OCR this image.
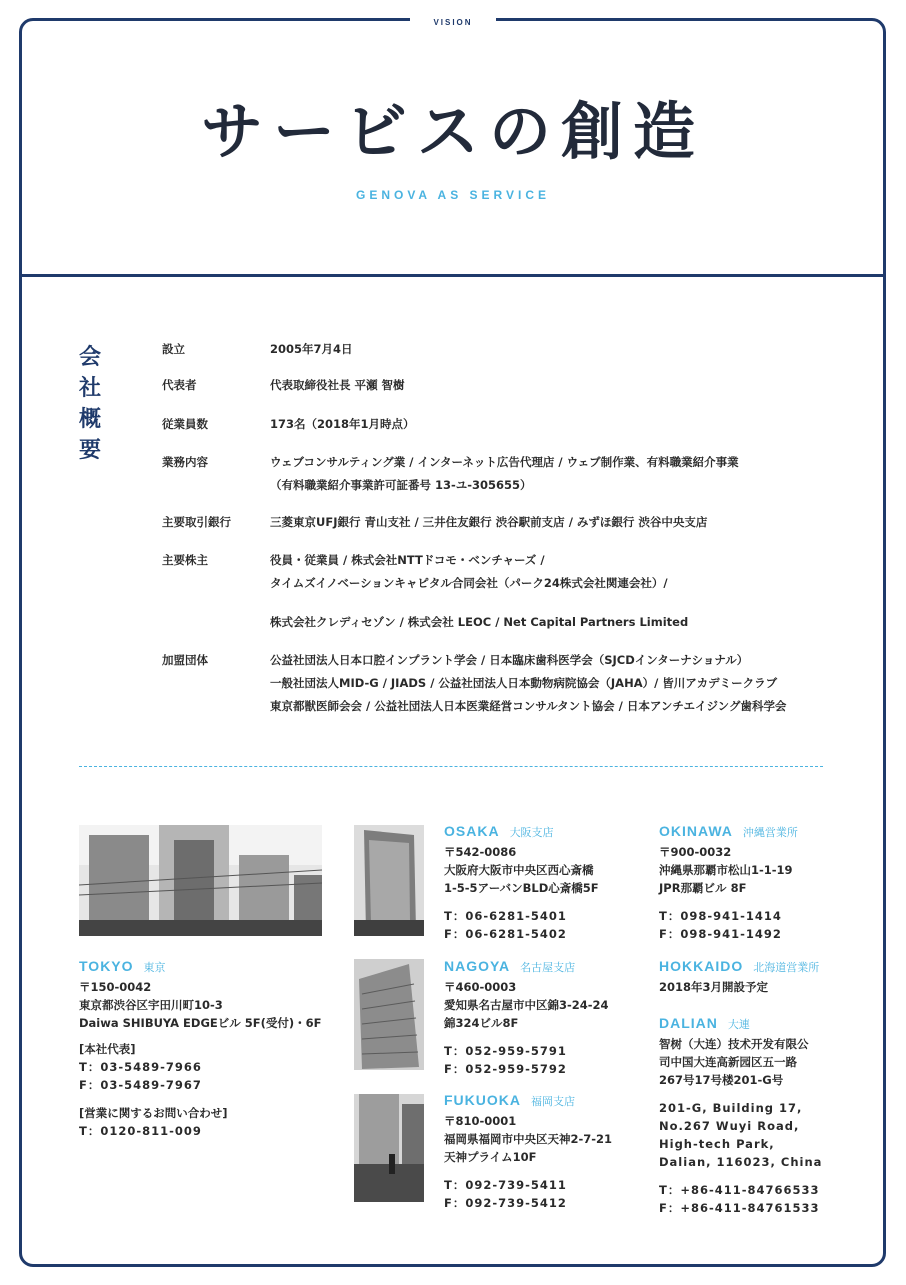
VISION
サービスの創造
GENOVA AS SERVICE
会社概要
設立	2005年7月4日
代表者	代表取締役社長 平瀬 智樹
従業員数	173名（2018年1月時点）
業務内容	ウェブコンサルティング業 / インターネット広告代理店 / ウェブ制作業、有料職業紹介事業
（有料職業紹介事業許可証番号 13-ユ-305655）
主要取引銀行	三菱東京UFJ銀行 青山支社 / 三井住友銀行 渋谷駅前支店 / みずほ銀行 渋谷中央支店
主要株主	役員・従業員 / 株式会社NTTドコモ・ベンチャーズ /
タイムズイノベーションキャピタル合同会社（パーク24株式会社関連会社）/
株式会社クレディセゾン / 株式会社 LEOC / Net Capital Partners Limited
加盟団体	公益社団法人日本口腔インプラント学会 / 日本臨床歯科医学会（SJCDインターナショナル）
一般社団法人MID-G / JIADS / 公益社団法人日本動物病院協会（JAHA）/ 皆川アカデミークラブ
東京都獣医師会会 / 公益社団法人日本医業経営コンサルタント協会 / 日本アンチエイジング歯科学会
TOKYO 東京
〒150-0042
東京都渋谷区宇田川町10-3
Daiwa SHIBUYA EDGEビル 5F(受付)・6F
[本社代表]
T：03-5489-7966
F：03-5489-7967
[営業に関するお問い合わせ]
T：0120-811-009
OSAKA 大阪支店
〒542-0086
大阪府大阪市中央区西心斎橋
1-5-5アーバンBLD心斎橋5F
T：06-6281-5401
F：06-6281-5402
NAGOYA 名古屋支店
〒460-0003
愛知県名古屋市中区錦3-24-24
錦324ビル8F
T：052-959-5791
F：052-959-5792
FUKUOKA 福岡支店
〒810-0001
福岡県福岡市中央区天神2-7-21
天神プライム10F
T：092-739-5411
F：092-739-5412
OKINAWA 沖縄営業所
〒900-0032
沖縄県那覇市松山1-1-19
JPR那覇ビル 8F
T：098-941-1414
F：098-941-1492
HOKKAIDO 北海道営業所
2018年3月開設予定
DALIAN 大連
智树（大连）技术开发有限公
司中国大连高新园区五一路
267号17号楼201-G号
201-G, Building 17,
No.267 Wuyi Road,
High-tech Park,
Dalian, 116023, China
T：+86-411-84766533
F：+86-411-84761533
